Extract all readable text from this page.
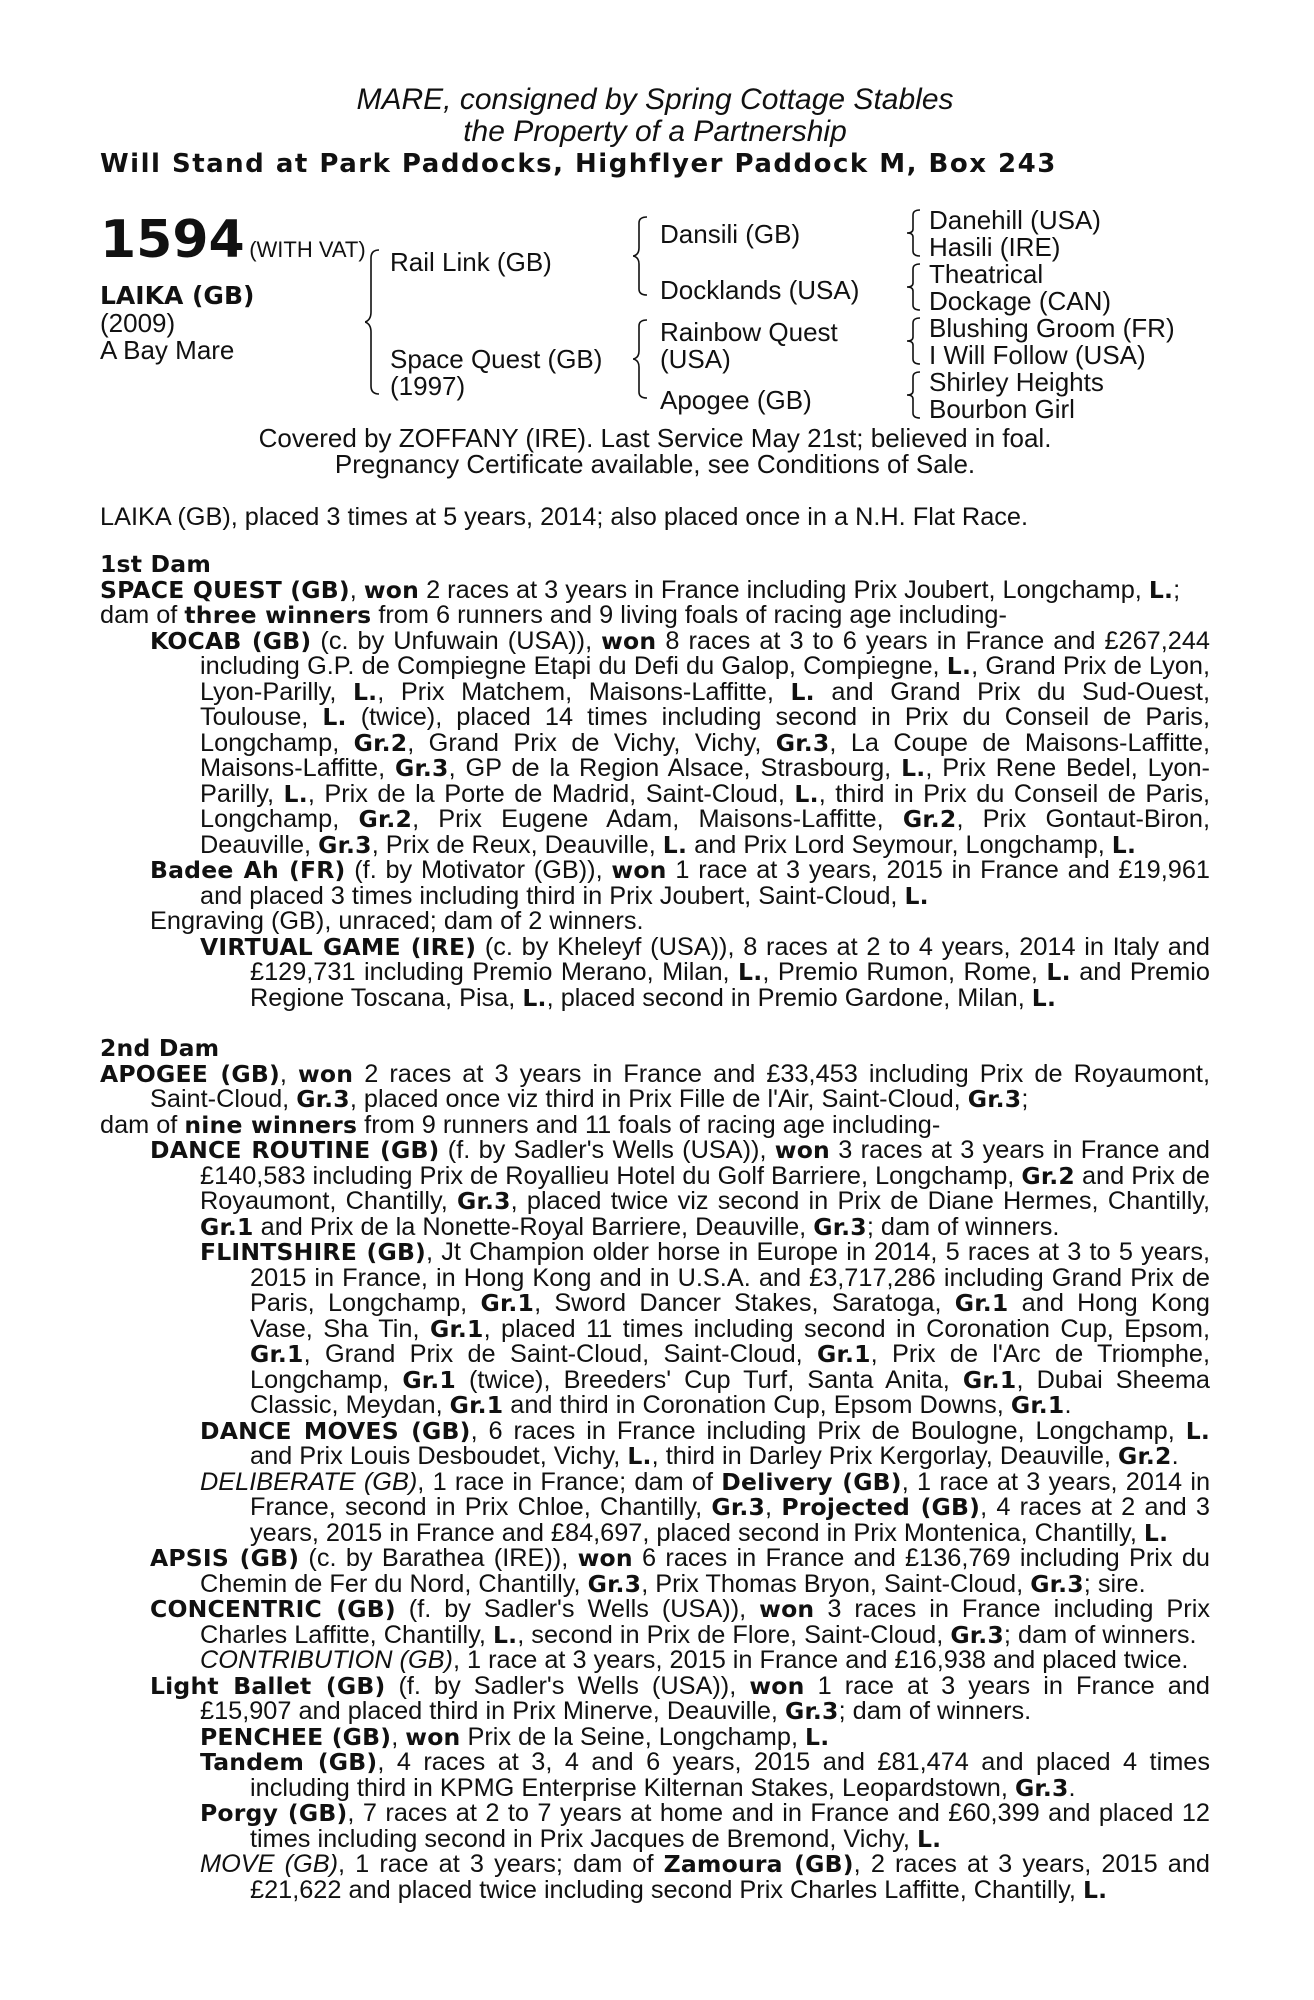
MARE, consigned by Spring Cottage Stables
the Property of a Partnership
Will Stand at Park Paddocks, Highflyer Paddock M, Box 243
1594 (WITH VAT)
LAIKA (GB)
(2009)
A Bay Mare
Rail Link (GB)
Space Quest (GB)
(1997)
Dansili (GB)
Docklands (USA)
Rainbow Quest
(USA)
Apogee (GB)
Danehill (USA)
Hasili (IRE)
Theatrical
Dockage (CAN)
Blushing Groom (FR)
I Will Follow (USA)
Shirley Heights
Bourbon Girl
Covered by ZOFFANY (IRE). Last Service May 21st; believed in foal.
Pregnancy Certificate available, see Conditions of Sale.
LAIKA (GB), placed 3 times at 5 years, 2014; also placed once in a N.H. Flat Race.

1st Dam

SPACE QUEST (GB), won 2 races at 3 years in France including Prix Joubert, Longchamp, L.;

dam of three winners from 6 runners and 9 living foals of racing age including-

KOCAB (GB) (c. by Unfuwain (USA)), won 8 races at 3 to 6 years in France and £267,244 including G.P. de Compiegne Etapi du Defi du Galop, Compiegne, L., Grand Prix de Lyon, Lyon-Parilly, L., Prix Matchem, Maisons-Laffitte, L. and Grand Prix du Sud-Ouest, Toulouse, L. (twice), placed 14 times including second in Prix du Conseil de Paris, Longchamp, Gr.2, Grand Prix de Vichy, Vichy, Gr.3, La Coupe de Maisons-Laffitte, Maisons-Laffitte, Gr.3, GP de la Region Alsace, Strasbourg, L., Prix Rene Bedel, Lyon-Parilly, L., Prix de la Porte de Madrid, Saint-Cloud, L., third in Prix du Conseil de Paris, Longchamp, Gr.2, Prix Eugene Adam, Maisons-Laffitte, Gr.2, Prix Gontaut-Biron, Deauville, Gr.3, Prix de Reux, Deauville, L. and Prix Lord Seymour, Longchamp, L.

Badee Ah (FR) (f. by Motivator (GB)), won 1 race at 3 years, 2015 in France and £19,961 and placed 3 times including third in Prix Joubert, Saint-Cloud, L.

Engraving (GB), unraced; dam of 2 winners.

VIRTUAL GAME (IRE) (c. by Kheleyf (USA)), 8 races at 2 to 4 years, 2014 in Italy and £129,731 including Premio Merano, Milan, L., Premio Rumon, Rome, L. and Premio Regione Toscana, Pisa, L., placed second in Premio Gardone, Milan, L.

2nd Dam

APOGEE (GB), won 2 races at 3 years in France and £33,453 including Prix de Royaumont, Saint-Cloud, Gr.3, placed once viz third in Prix Fille de l'Air, Saint-Cloud, Gr.3;

dam of nine winners from 9 runners and 11 foals of racing age including-

DANCE ROUTINE (GB) (f. by Sadler's Wells (USA)), won 3 races at 3 years in France and £140,583 including Prix de Royallieu Hotel du Golf Barriere, Longchamp, Gr.2 and Prix de Royaumont, Chantilly, Gr.3, placed twice viz second in Prix de Diane Hermes, Chantilly, Gr.1 and Prix de la Nonette-Royal Barriere, Deauville, Gr.3; dam of winners.

FLINTSHIRE (GB), Jt Champion older horse in Europe in 2014, 5 races at 3 to 5 years, 2015 in France, in Hong Kong and in U.S.A. and £3,717,286 including Grand Prix de Paris, Longchamp, Gr.1, Sword Dancer Stakes, Saratoga, Gr.1 and Hong Kong Vase, Sha Tin, Gr.1, placed 11 times including second in Coronation Cup, Epsom, Gr.1, Grand Prix de Saint-Cloud, Saint-Cloud, Gr.1, Prix de l'Arc de Triomphe, Longchamp, Gr.1 (twice), Breeders' Cup Turf, Santa Anita, Gr.1, Dubai Sheema Classic, Meydan, Gr.1 and third in Coronation Cup, Epsom Downs, Gr.1.

DANCE MOVES (GB), 6 races in France including Prix de Boulogne, Longchamp, L. and Prix Louis Desboudet, Vichy, L., third in Darley Prix Kergorlay, Deauville, Gr.2.

DELIBERATE (GB), 1 race in France; dam of Delivery (GB), 1 race at 3 years, 2014 in France, second in Prix Chloe, Chantilly, Gr.3, Projected (GB), 4 races at 2 and 3 years, 2015 in France and £84,697, placed second in Prix Montenica, Chantilly, L.

APSIS (GB) (c. by Barathea (IRE)), won 6 races in France and £136,769 including Prix du Chemin de Fer du Nord, Chantilly, Gr.3, Prix Thomas Bryon, Saint-Cloud, Gr.3; sire.

CONCENTRIC (GB) (f. by Sadler's Wells (USA)), won 3 races in France including Prix Charles Laffitte, Chantilly, L., second in Prix de Flore, Saint-Cloud, Gr.3; dam of winners.

CONTRIBUTION (GB), 1 race at 3 years, 2015 in France and £16,938 and placed twice.

Light Ballet (GB) (f. by Sadler's Wells (USA)), won 1 race at 3 years in France and £15,907 and placed third in Prix Minerve, Deauville, Gr.3; dam of winners.

PENCHEE (GB), won Prix de la Seine, Longchamp, L.

Tandem (GB), 4 races at 3, 4 and 6 years, 2015 and £81,474 and placed 4 times including third in KPMG Enterprise Kilternan Stakes, Leopardstown, Gr.3.

Porgy (GB), 7 races at 2 to 7 years at home and in France and £60,399 and placed 12 times including second in Prix Jacques de Bremond, Vichy, L.

MOVE (GB), 1 race at 3 years; dam of Zamoura (GB), 2 races at 3 years, 2015 and £21,622 and placed twice including second Prix Charles Laffitte, Chantilly, L.
